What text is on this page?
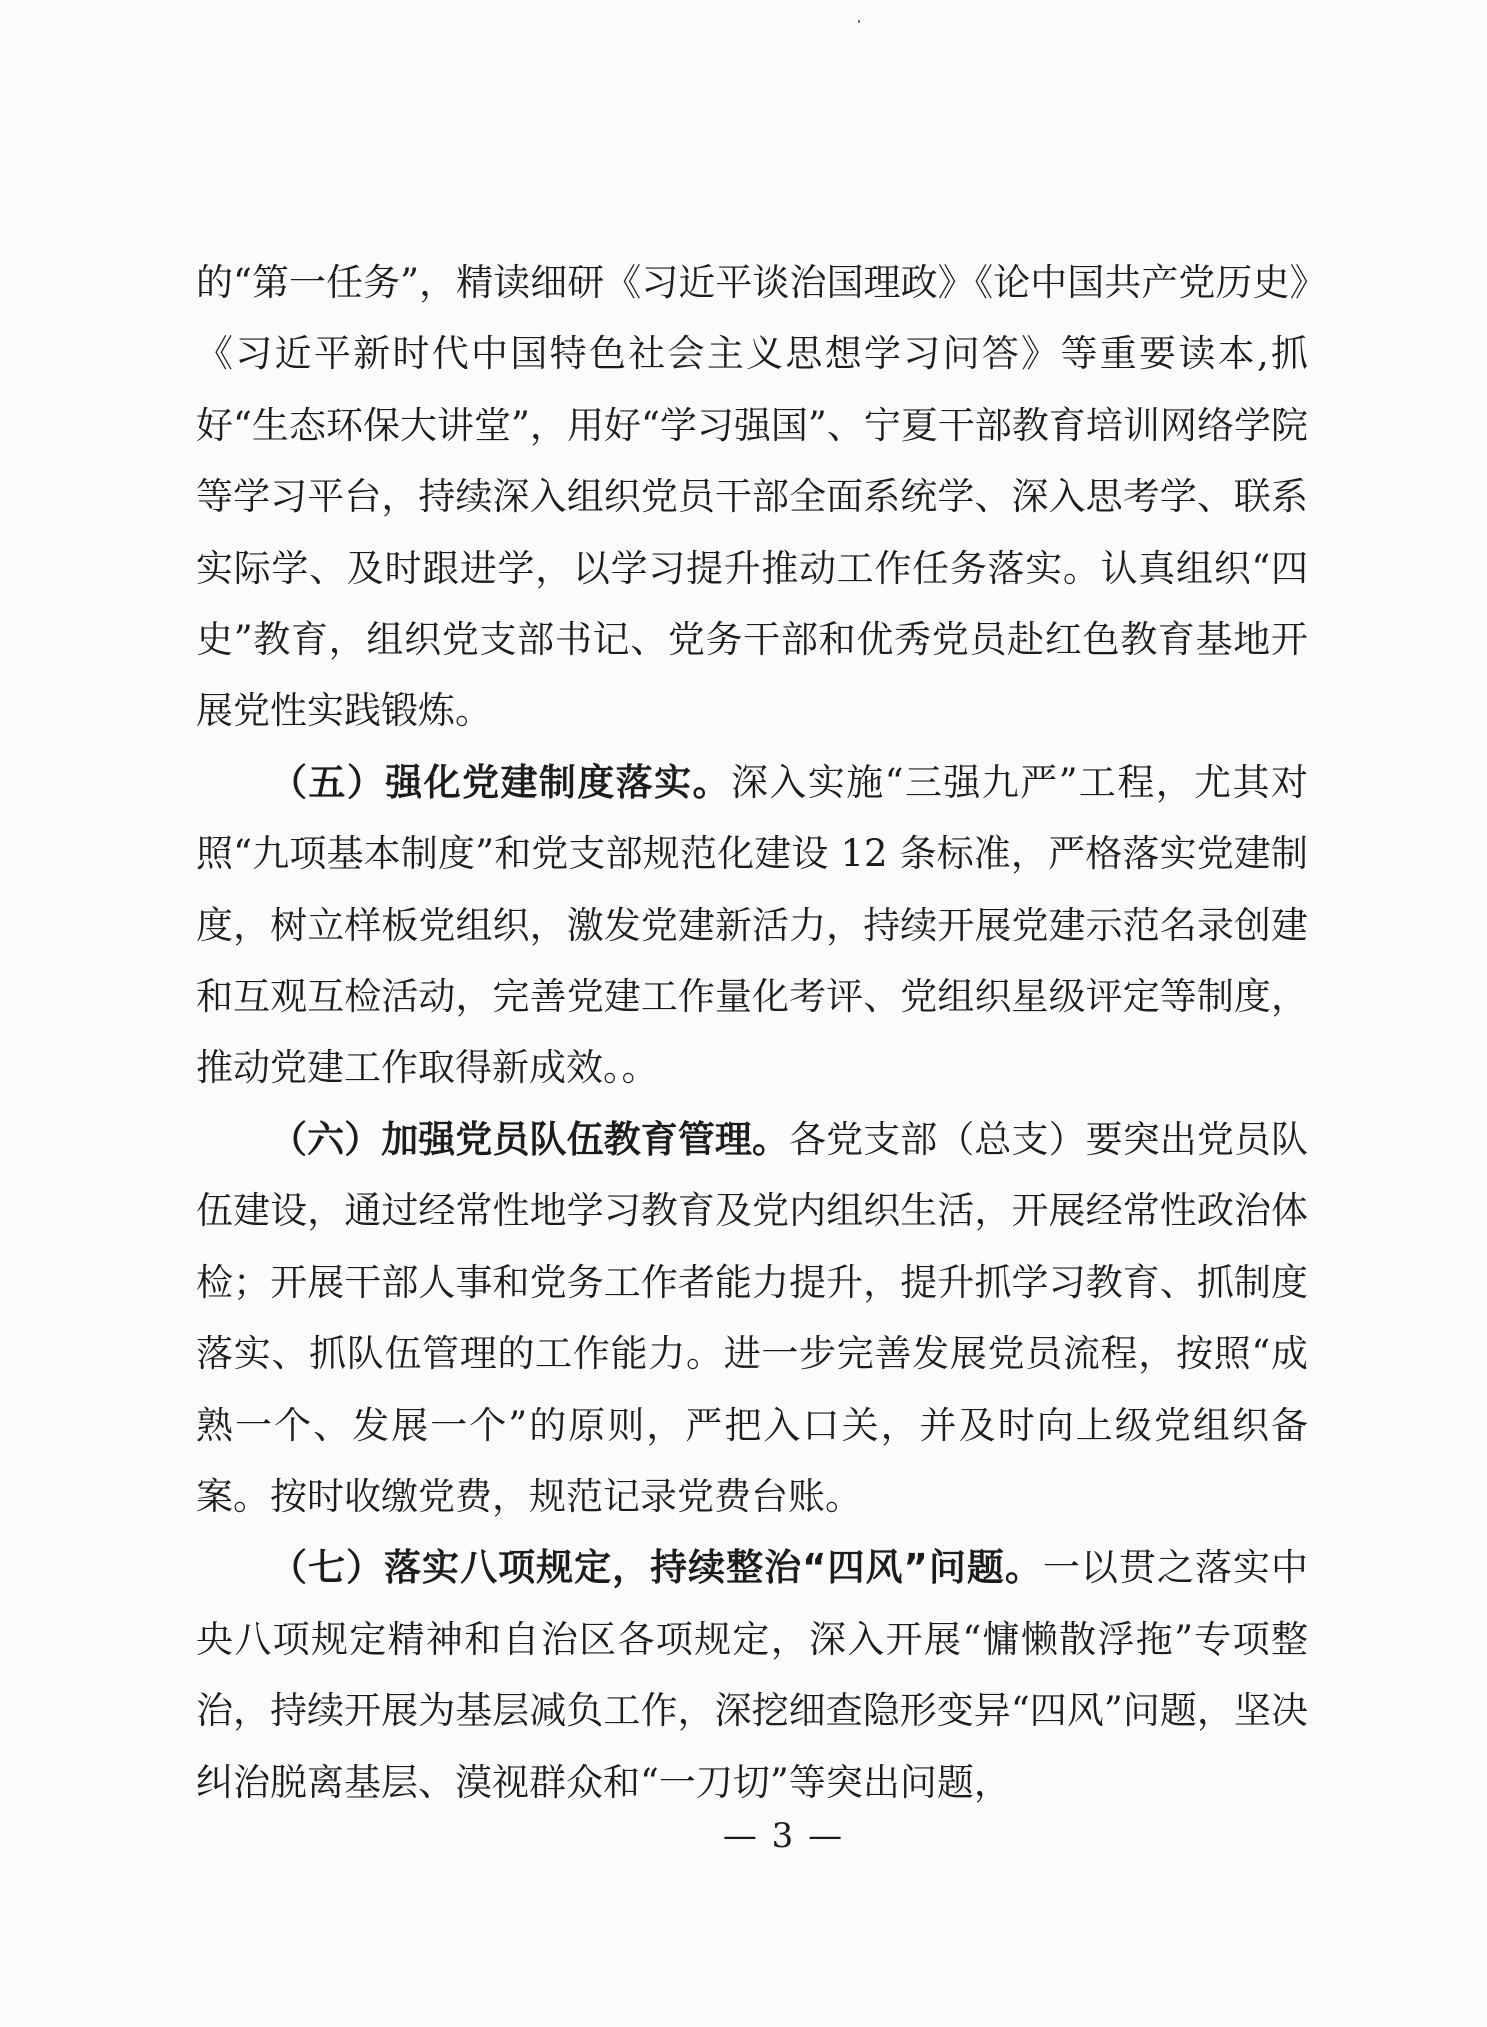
的“第一任务”，精读细研《习近平谈治国理政》《论中国共产党历史》《习近平新时代中国特色社会主义思想学习问答》等重要读本,抓好“生态环保大讲堂”，用好“学习强国”、宁夏干部教育培训网络学院等学习平台，持续深入组织党员干部全面系统学、深入思考学、联系实际学、及时跟进学，以学习提升推动工作任务落实。认真组织“四史”教育，组织党支部书记、党务干部和优秀党员赴红色教育基地开展党性实践锻炼。

（五）强化党建制度落实。深入实施“三强九严”工程，尤其对照“九项基本制度”和党支部规范化建设 12 条标准，严格落实党建制度，树立样板党组织，激发党建新活力，持续开展党建示范名录创建和互观互检活动，完善党建工作量化考评、党组织星级评定等制度，推动党建工作取得新成效。。

（六）加强党员队伍教育管理。各党支部（总支）要突出党员队伍建设，通过经常性地学习教育及党内组织生活，开展经常性政治体检；开展干部人事和党务工作者能力提升，提升抓学习教育、抓制度落实、抓队伍管理的工作能力。进一步完善发展党员流程，按照“成熟一个、发展一个”的原则，严把入口关，并及时向上级党组织备案。按时收缴党费，规范记录党费台账。

（七）落实八项规定，持续整治“四风”问题。一以贯之落实中央八项规定精神和自治区各项规定，深入开展“慵懒散浮拖”专项整治，持续开展为基层减负工作，深挖细查隐形变异“四风”问题，坚决纠治脱离基层、漠视群众和“一刀切”等突出问题，

— 3 —
